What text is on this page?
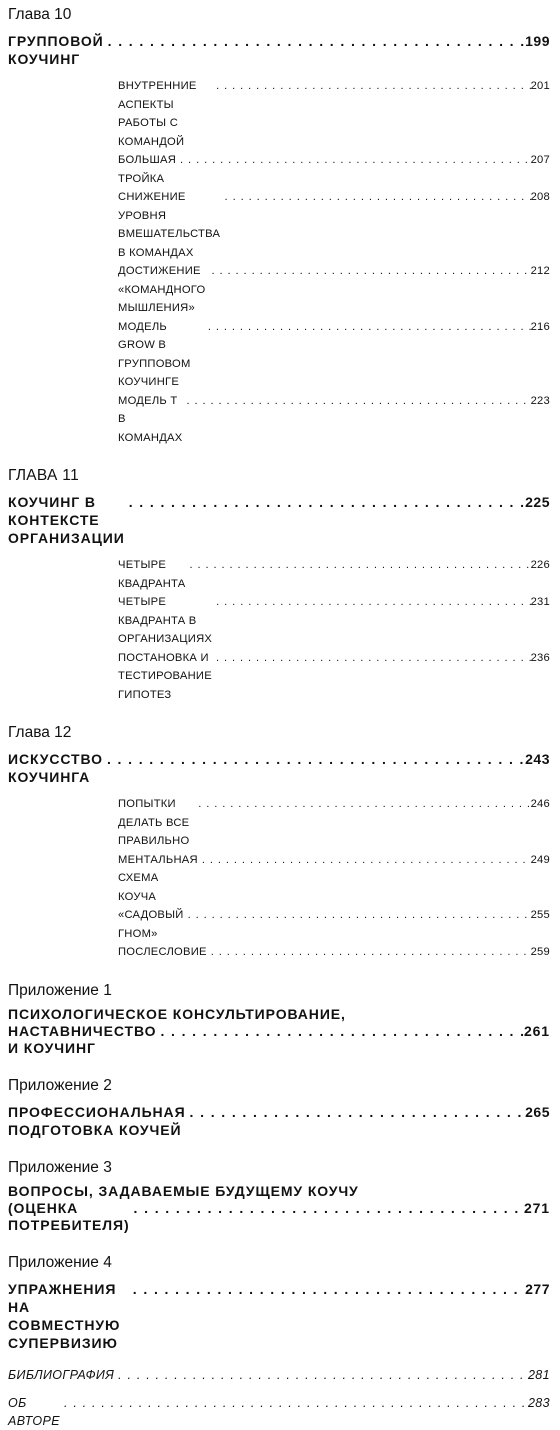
Глава 10
ГРУППОВОЙ КОУЧИНГ
. . .
199
ВНУТРЕННИЕ АСПЕКТЫ РАБОТЫ С КОМАНДОЙ
. . .
201
БОЛЬШАЯ ТРОЙКА
. . .
207
СНИЖЕНИЕ УРОВНЯ ВМЕШАТЕЛЬСТВА В КОМАНДАХ
. . .
208
ДОСТИЖЕНИЕ «КОМАНДНОГО МЫШЛЕНИЯ»
. . .
212
МОДЕЛЬ GROW В ГРУППОВОМ КОУЧИНГЕ
. . .
216
МОДЕЛЬ Т В КОМАНДАХ
. . .
223
ГЛАВА 11
КОУЧИНГ В КОНТЕКСТЕ ОРГАНИЗАЦИИ
. . .
225
ЧЕТЫРЕ КВАДРАНТА
. . .
226
ЧЕТЫРЕ КВАДРАНТА В ОРГАНИЗАЦИЯХ
. . .
231
ПОСТАНОВКА И ТЕСТИРОВАНИЕ ГИПОТЕЗ
. . .
236
Глава 12
ИСКУССТВО КОУЧИНГА
. . .
243
ПОПЫТКИ ДЕЛАТЬ ВСЕ ПРАВИЛЬНО
. . .
246
МЕНТАЛЬНАЯ СХЕМА КОУЧА
. . .
249
«САДОВЫЙ ГНОМ»
. . .
255
ПОСЛЕСЛОВИЕ . . .	259
Приложение 1
ПСИХОЛОГИЧЕСКОЕ КОНСУЛЬТИРОВАНИЕ,
НАСТАВНИЧЕСТВО И КОУЧИНГ
. . .
261
Приложение 2
ПРОФЕССИОНАЛЬНАЯ ПОДГОТОВКА КОУЧЕЙ
. . .
265
Приложение 3
ВОПРОСЫ, ЗАДАВАЕМЫЕ БУДУЩЕМУ КОУЧУ
(ОЦЕНКА ПОТРЕБИТЕЛЯ)
. . .
271
Приложение 4
УПРАЖНЕНИЯ НА СОВМЕСТНУЮ СУПЕРВИЗИЮ
. . .
277
БИБЛИОГРАФИЯ . . .	281
ОБ АВТОРЕ
. . .
283
